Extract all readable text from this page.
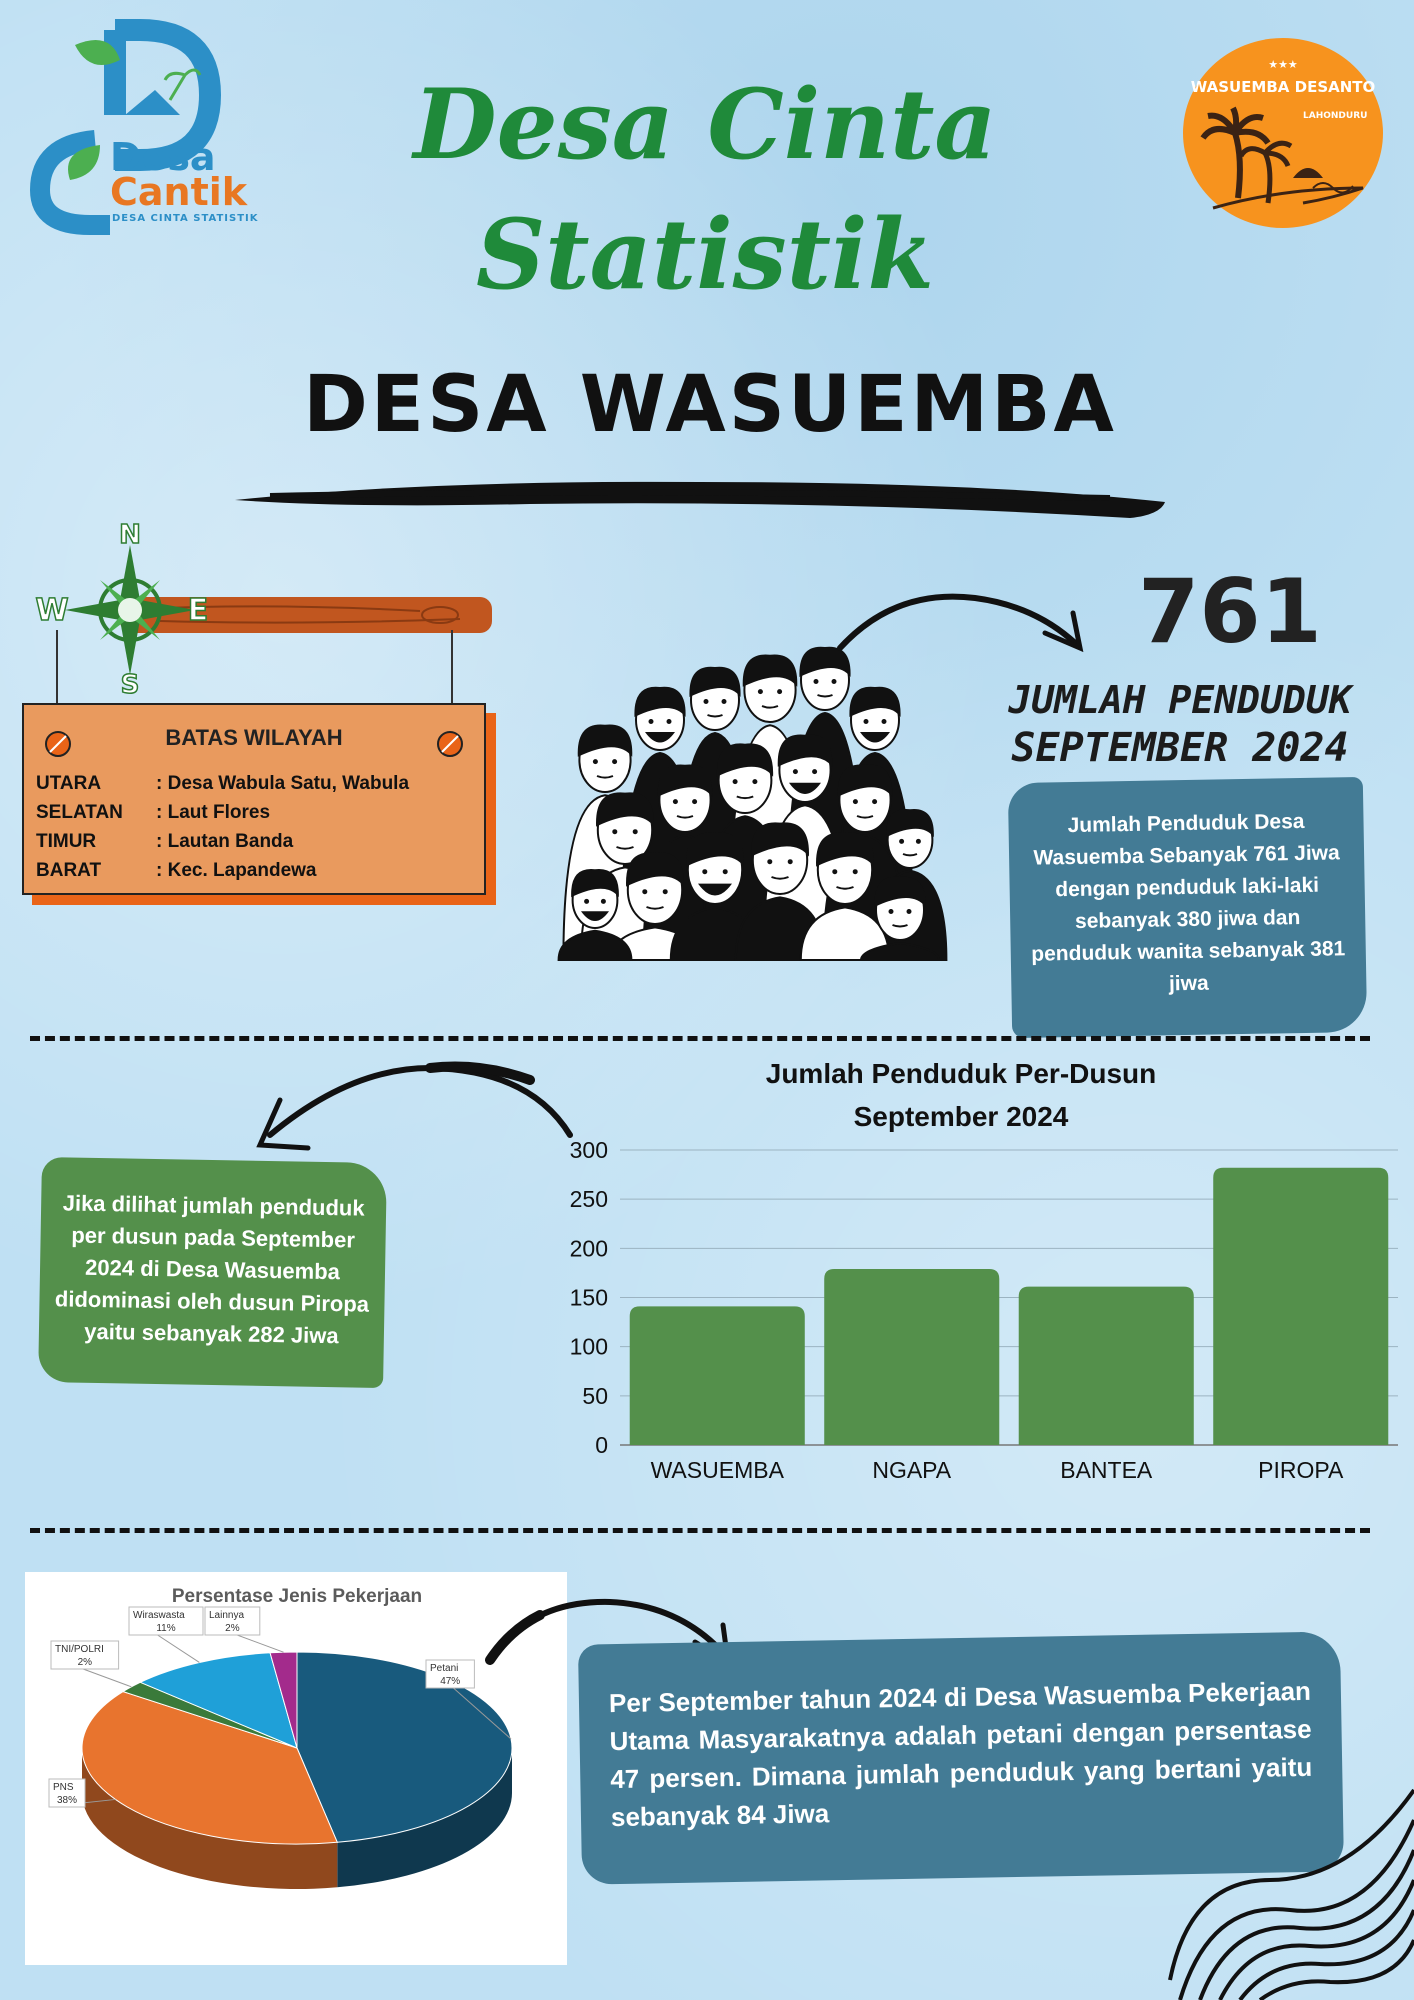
Desa
Cantik
DESA CINTA STATISTIK
★★★
WASUEMBA DESANTO
LAHONDURU
Desa Cinta
Statistik
DESA WASUEMBA
N
S
W	E
BATAS WILAYAH
UTARA	: Desa Wabula Satu, Wabula
SELATAN : Laut Flores
TIMUR	: Lautan Banda
BARAT	: Kec. Lapandewa
761
JUMLAH PENDUDUK
SEPTEMBER 2024
Jumlah Penduduk Desa Wasuemba Sebanyak 761 Jiwa dengan penduduk laki-laki sebanyak 380 jiwa dan penduduk wanita sebanyak 381 jiwa
Jika dilihat jumlah penduduk per dusun pada September 2024 di Desa Wasuemba didominasi oleh dusun Piropa yaitu sebanyak 282 Jiwa
Jumlah Penduduk Per-Dusun
September 2024
0
50
100
150
200
250
300
WASUEMBA	NGAPA	BANTEA	PIROPA
Persentase Jenis Pekerjaan
Petani
47%
PNS
38%
TNI/POLRI
2%
Wiraswasta
11%
Lainnya
2%
Per September tahun 2024 di Desa Wasuemba Pekerjaan Utama Masyarakatnya adalah petani dengan persentase 47 persen. Dimana jumlah penduduk yang bertani yaitu sebanyak 84 Jiwa
